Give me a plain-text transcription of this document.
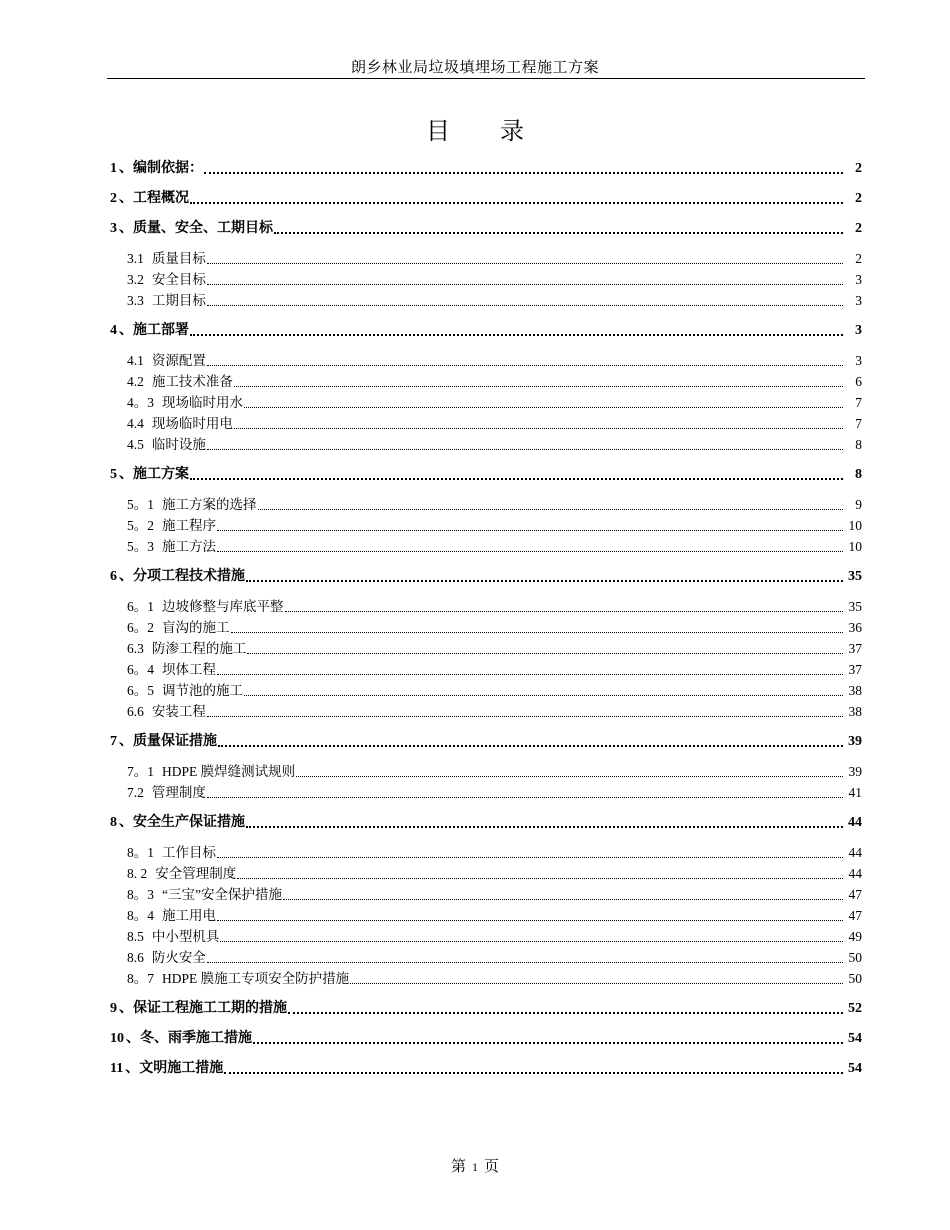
朗乡林业局垃圾填埋场工程施工方案
目 录
1 、编制依据：	2
2 、工程概况	2
3 、质量、安全、工期目标	2
3.1 质量目标	2
3.2 安全目标	3
3.3 工期目标	3
4 、施工部署	3
4.1 资源配置	3
4.2 施工技术准备	6
4。3 现场临时用水	7
4.4 现场临时用电	7
4.5 临时设施	8
5 、施工方案	8
5。1 施工方案的选择	9
5。2 施工程序	10
5。3 施工方法	10
6 、分项工程技术措施	35
6。1 边坡修整与库底平整	35
6。2 盲沟的施工	36
6.3 防渗工程的施工	37
6。4 坝体工程	37
6。5 调节池的施工	38
6.6 安装工程	38
7 、质量保证措施	39
7。1 HDPE 膜焊缝测试规则	39
7.2 管理制度	41
8 、安全生产保证措施	44
8。1 工作目标	44
8. 2 安全管理制度	44
8。3 “三宝”安全保护措施	47
8。4 施工用电	47
8.5 中小型机具	49
8.6 防火安全	50
8。7 HDPE 膜施工专项安全防护措施	50
9 、保证工程施工工期的措施	52
10 、冬、雨季施工措施	54
11 、文明施工措施	54
第 1 页
